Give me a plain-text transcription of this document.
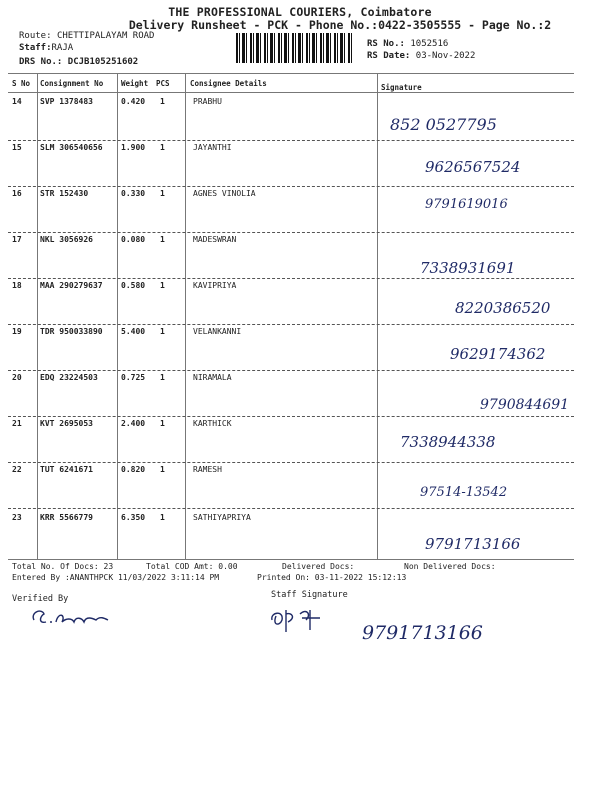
THE PROFESSIONAL COURIERS, Coimbatore
Delivery Runsheet - PCK - Phone No.:0422-3505555 - Page No.:2
Route: CHETTIPALAYAM ROAD
Staff:RAJA
DRS No.: DCJB105251602
RS No.: 1052516
RS Date: 03-Nov-2022
S No Consignment No Weight PCS	Consignee Details	Signature
14 SVP 1378483	0.420 1	PRABHU
852 0527795
15 SLM 306540656 1.900 1	JAYANTHI
9626567524
16 STR 152430	0.330 1	AGNES VINOLIA
9791619016
17 NKL 3056926	0.080 1	MADESWRAN
7338931691
18 MAA 290279637 0.580 1	KAVIPRIYA
8220386520
19 TDR 950033890 5.400 1	VELANKANNI
9629174362
20 EDQ 23224503	0.725 1	NIRAMALA
9790844691
21 KVT 2695053	2.400 1	KARTHICK
7338944338
22 TUT 6241671	0.820 1	RAMESH
97514-13542
23 KRR 5566779	6.350 1	SATHIYAPRIYA
9791713166
Total No. Of Docs: 23	Total COD Amt: 0.00	Delivered Docs:	Non Delivered Docs:
Entered By :ANANTHPCK 11/03/2022 3:11:14 PM	Printed On: 03-11-2022 15:12:13
Verified By	Staff Signature
9791713166
